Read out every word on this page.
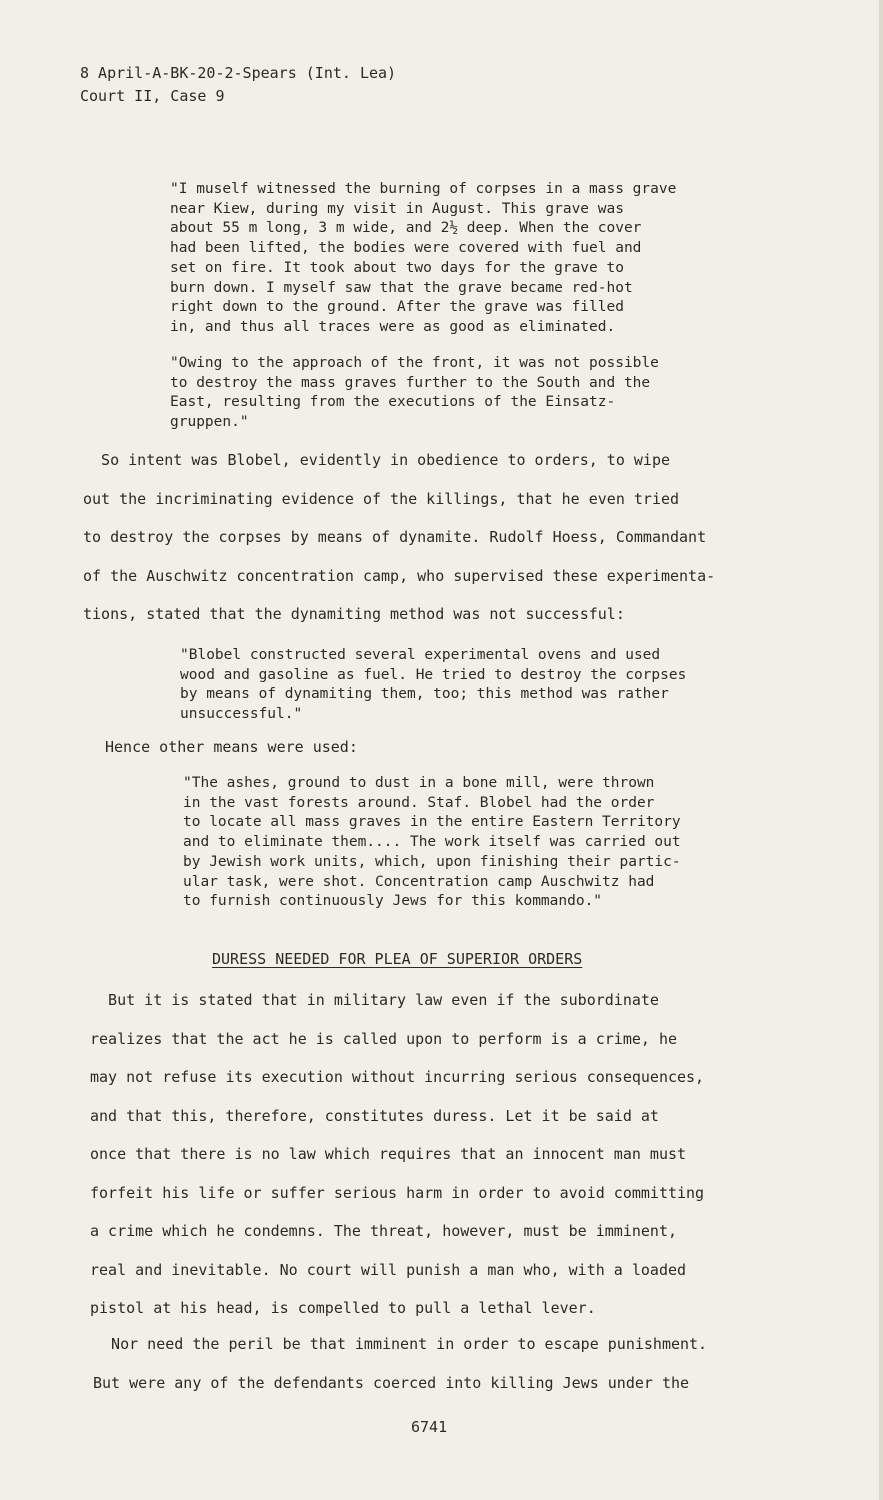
8 April-A-BK-20-2-Spears (Int. Lea)
Court II, Case 9
"I muself witnessed the burning of corpses in a mass grave
near Kiew, during my visit in August. This grave was
about 55 m long, 3 m wide, and 2½ deep. When the cover
had been lifted, the bodies were covered with fuel and
set on fire. It took about two days for the grave to
burn down. I myself saw that the grave became red-hot
right down to the ground. After the grave was filled
in, and thus all traces were as good as eliminated.
"Owing to the approach of the front, it was not possible
to destroy the mass graves further to the South and the
East, resulting from the executions of the Einsatz-
gruppen."
So intent was Blobel, evidently in obedience to orders, to wipe
out the incriminating evidence of the killings, that he even tried
to destroy the corpses by means of dynamite. Rudolf Hoess, Commandant
of the Auschwitz concentration camp, who supervised these experimenta-
tions, stated that the dynamiting method was not successful:
"Blobel constructed several experimental ovens and used
wood and gasoline as fuel. He tried to destroy the corpses
by means of dynamiting them, too; this method was rather
unsuccessful."
Hence other means were used:
"The ashes, ground to dust in a bone mill, were thrown
in the vast forests around. Staf. Blobel had the order
to locate all mass graves in the entire Eastern Territory
and to eliminate them.... The work itself was carried out
by Jewish work units, which, upon finishing their partic-
ular task, were shot. Concentration camp Auschwitz had
to furnish continuously Jews for this kommando."
DURESS NEEDED FOR PLEA OF SUPERIOR ORDERS
But it is stated that in military law even if the subordinate
realizes that the act he is called upon to perform is a crime, he
may not refuse its execution without incurring serious consequences,
and that this, therefore, constitutes duress. Let it be said at
once that there is no law which requires that an innocent man must
forfeit his life or suffer serious harm in order to avoid committing
a crime which he condemns. The threat, however, must be imminent,
real and inevitable. No court will punish a man who, with a loaded
pistol at his head, is compelled to pull a lethal lever.
Nor need the peril be that imminent in order to escape punishment.
But were any of the defendants coerced into killing Jews under the
6741
